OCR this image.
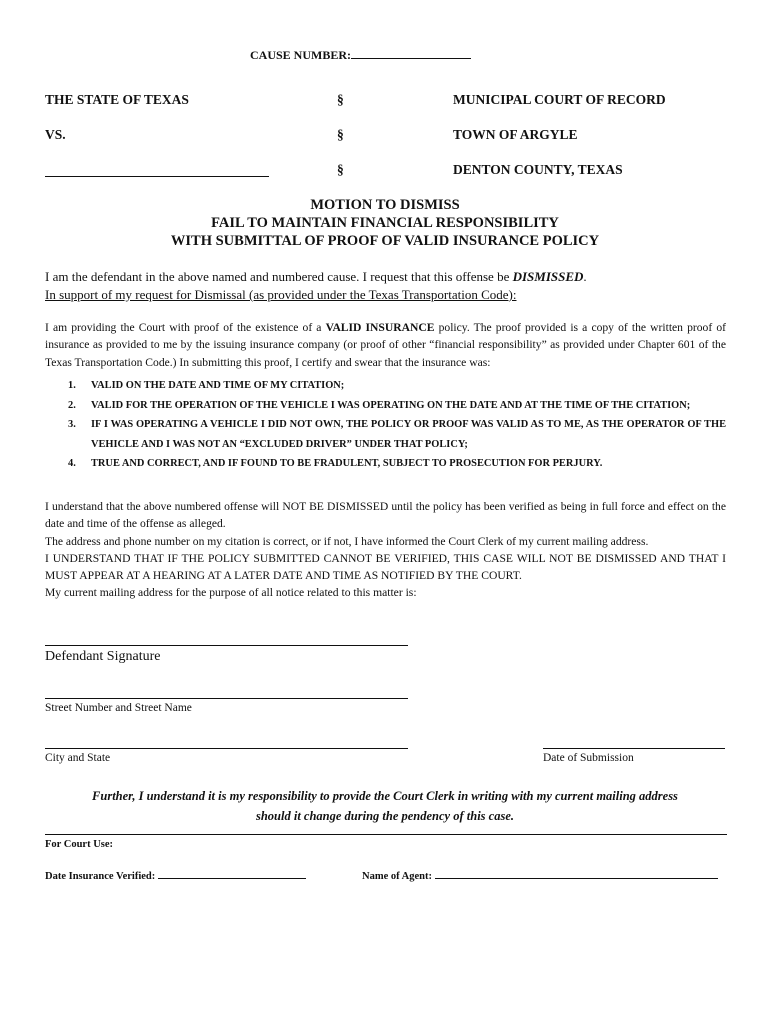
CAUSE NUMBER:
THE STATE OF TEXAS
VS.
§
§
§
MUNICIPAL COURT OF RECORD
TOWN OF ARGYLE
DENTON COUNTY, TEXAS
MOTION TO DISMISS
FAIL TO MAINTAIN FINANCIAL RESPONSIBILITY
WITH SUBMITTAL OF PROOF OF VALID INSURANCE POLICY
I am the defendant in the above named and numbered cause. I request that this offense be DISMISSED.
In support of my request for Dismissal (as provided under the Texas Transportation Code):
I am providing the Court with proof of the existence of a VALID INSURANCE policy. The proof provided is a copy of the written proof of insurance as provided to me by the issuing insurance company (or proof of other “financial responsibility” as provided under Chapter 601 of the Texas Transportation Code.) In submitting this proof, I certify and swear that the insurance was:
1. VALID ON THE DATE AND TIME OF MY CITATION;
2. VALID FOR THE OPERATION OF THE VEHICLE I WAS OPERATING ON THE DATE AND AT THE TIME OF THE CITATION;
3. IF I WAS OPERATING A VEHICLE I DID NOT OWN, THE POLICY OR PROOF WAS VALID AS TO ME, AS THE OPERATOR OF THE VEHICLE AND I WAS NOT AN “EXCLUDED DRIVER” UNDER THAT POLICY;
4. TRUE AND CORRECT, AND IF FOUND TO BE FRADULENT, SUBJECT TO PROSECUTION FOR PERJURY.
I understand that the above numbered offense will NOT BE DISMISSED until the policy has been verified as being in full force and effect on the date and time of the offense as alleged.
The address and phone number on my citation is correct, or if not, I have informed the Court Clerk of my current mailing address.
I UNDERSTAND THAT IF THE POLICY SUBMITTED CANNOT BE VERIFIED, THIS CASE WILL NOT BE DISMISSED AND THAT I MUST APPEAR AT A HEARING AT A LATER DATE AND TIME AS NOTIFIED BY THE COURT.
My current mailing address for the purpose of all notice related to this matter is:
Defendant Signature
Street Number and Street Name
City and State	Date of Submission
Further, I understand it is my responsibility to provide the Court Clerk in writing with my current mailing address
should it change during the pendency of this case.
For Court Use:
Date Insurance Verified:	Name of Agent:
